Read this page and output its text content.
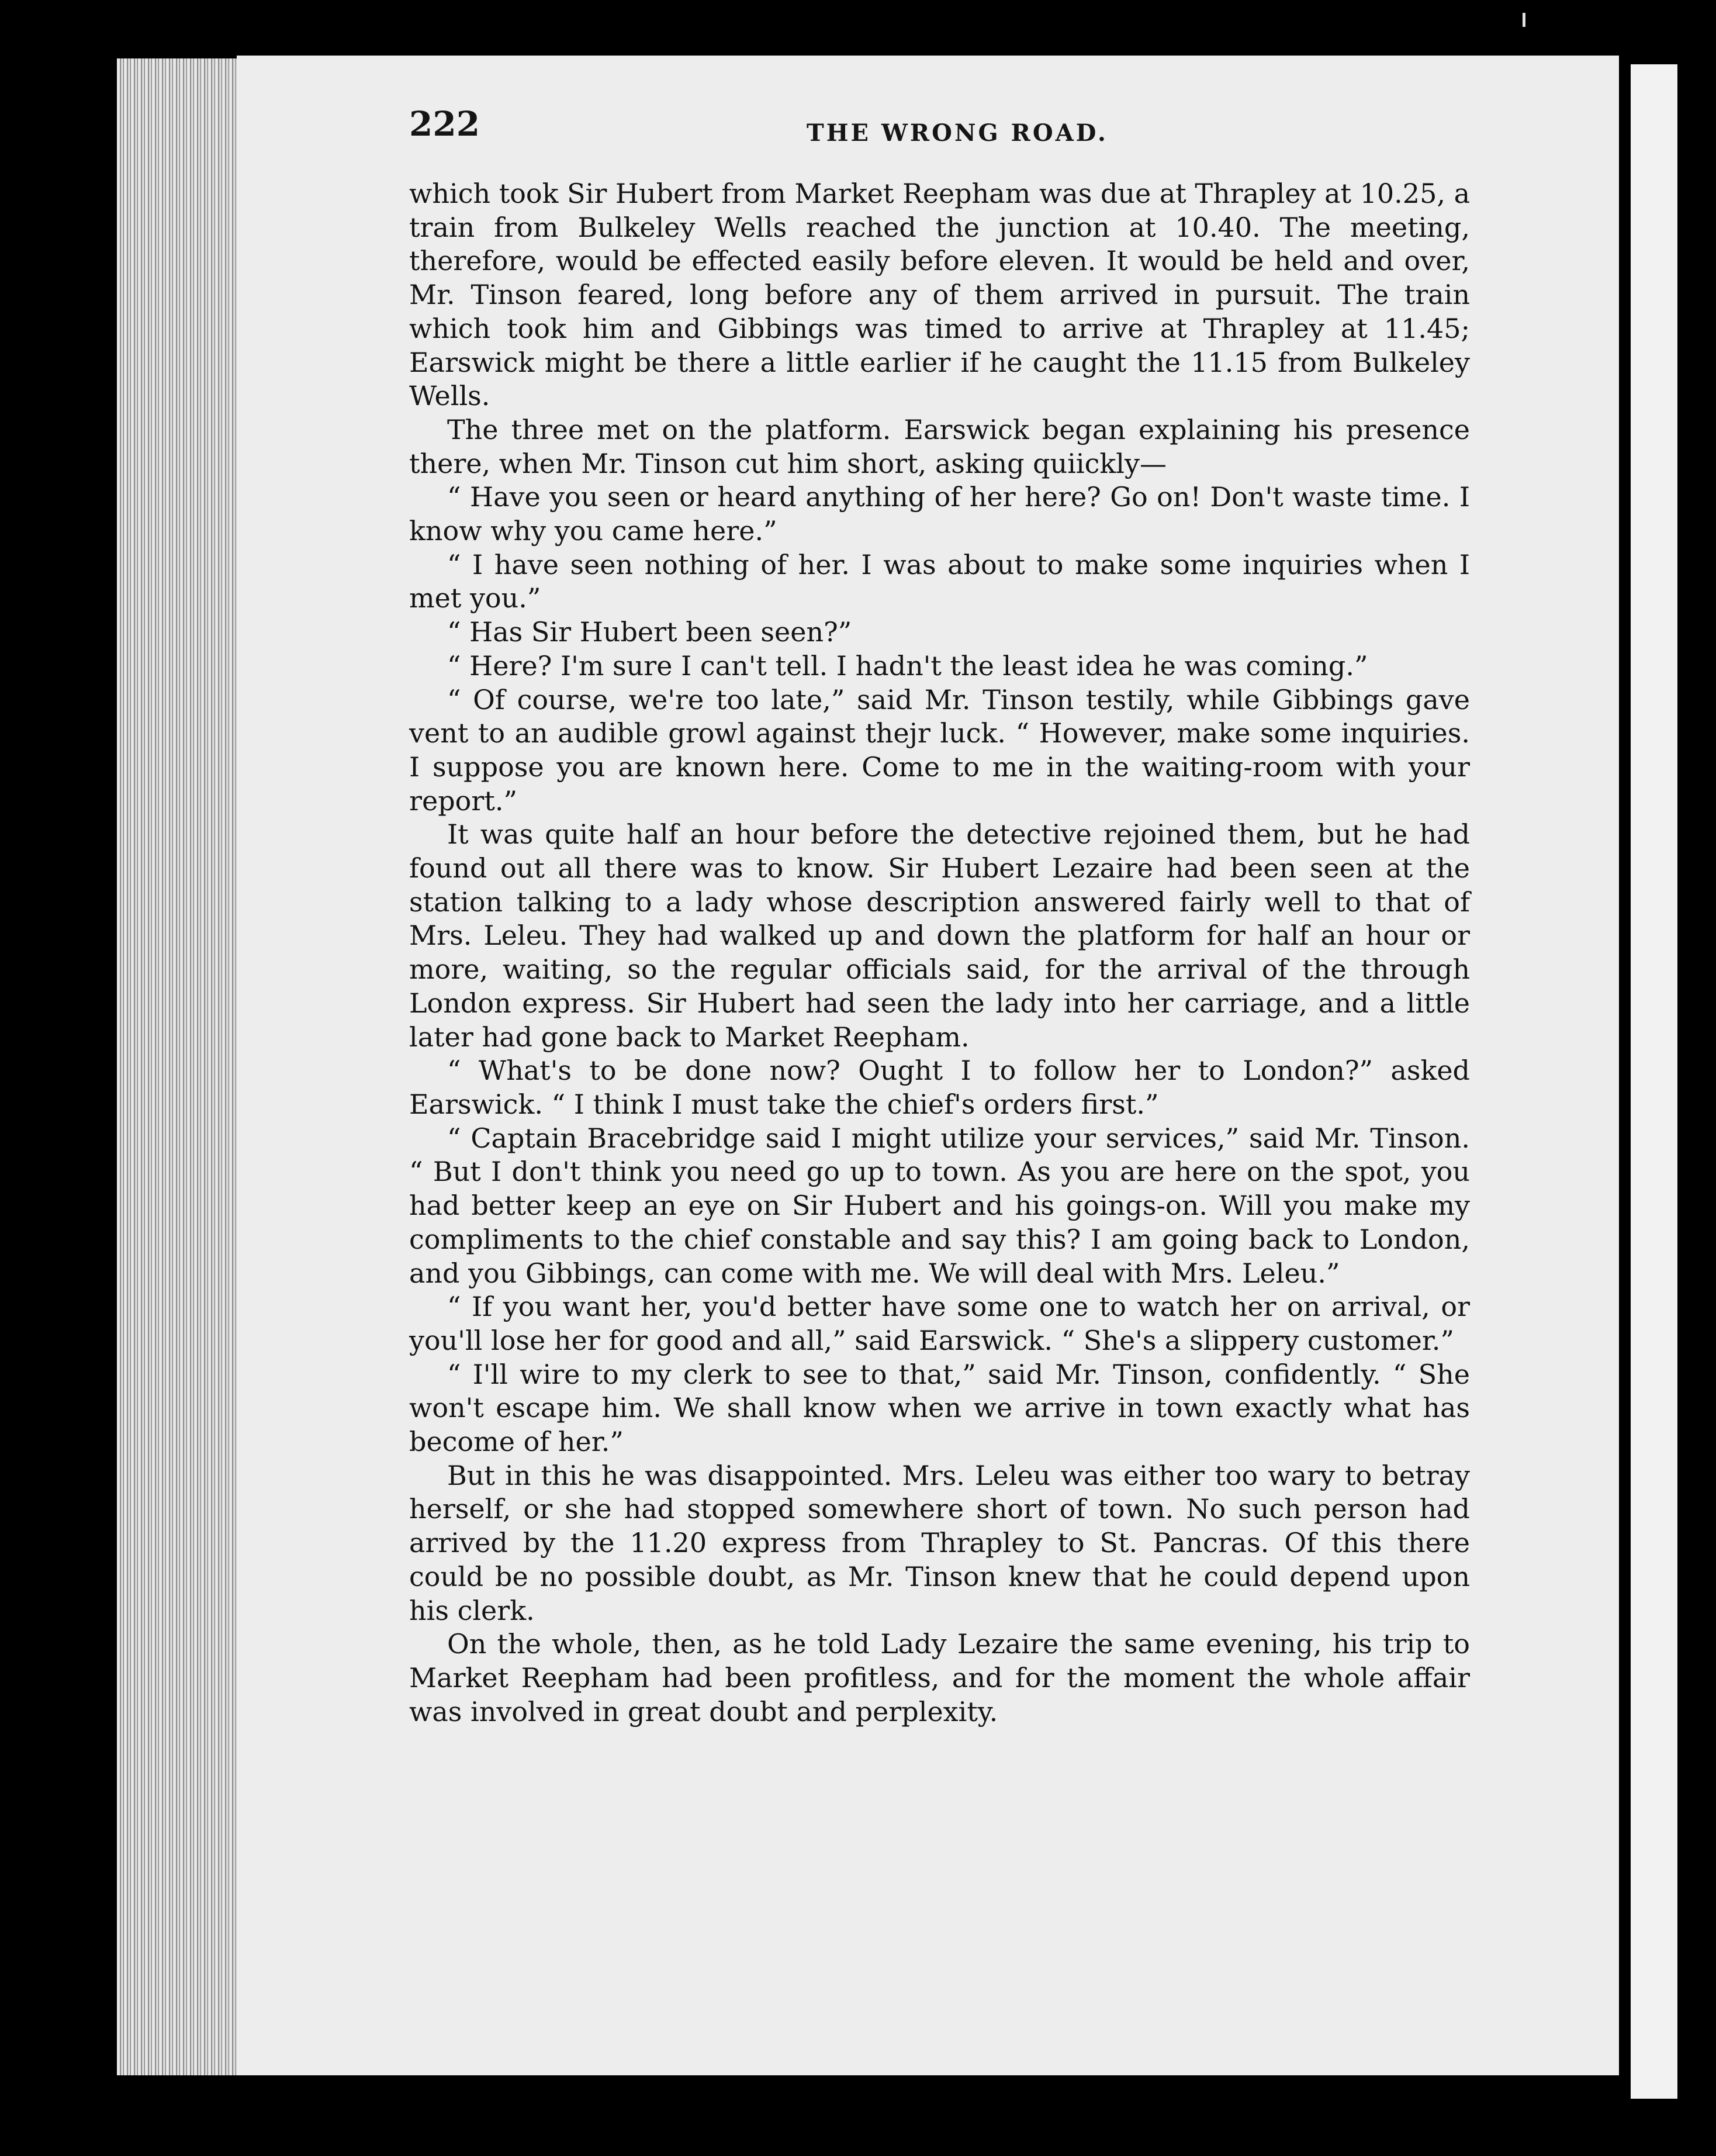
222	THE WRONG ROAD.

which took Sir Hubert from Market Reepham was due at Thrapley at 10.25, a train from Bulkeley Wells reached the junction at 10.40. The meeting, therefore, would be effected easily before eleven. It would be held and over, Mr. Tinson feared, long before any of them arrived in pursuit. The train which took him and Gibbings was timed to arrive at Thrapley at 11.45; Earswick might be there a little earlier if he caught the 11.15 from Bulkeley Wells.

The three met on the platform. Earswick began explaining his presence there, when Mr. Tinson cut him short, asking quiickly—

“ Have you seen or heard anything of her here? Go on! Don't waste time. I know why you came here.”

“ I have seen nothing of her. I was about to make some inquiries when I met you.”

“ Has Sir Hubert been seen?”

“ Here? I'm sure I can't tell. I hadn't the least idea he was coming.”

“ Of course, we're too late,” said Mr. Tinson testily, while Gibbings gave vent to an audible growl against thejr luck. “ However, make some inquiries. I suppose you are known here. Come to me in the waiting-room with your report.”

It was quite half an hour before the detective rejoined them, but he had found out all there was to know. Sir Hubert Lezaire had been seen at the station talking to a lady whose description answered fairly well to that of Mrs. Leleu. They had walked up and down the platform for half an hour or more, waiting, so the regular officials said, for the arrival of the through London express. Sir Hubert had seen the lady into her carriage, and a little later had gone back to Market Reepham.

“ What's to be done now? Ought I to follow her to London?” asked Earswick. “ I think I must take the chief's orders first.”

“ Captain Bracebridge said I might utilize your services,” said Mr. Tinson. “ But I don't think you need go up to town. As you are here on the spot, you had better keep an eye on Sir Hubert and his goings-on. Will you make my compliments to the chief constable and say this? I am going back to London, and you Gibbings, can come with me. We will deal with Mrs. Leleu.”

“ If you want her, you'd better have some one to watch her on arrival, or you'll lose her for good and all,” said Earswick. “ She's a slippery customer.”

“ I'll wire to my clerk to see to that,” said Mr. Tinson, confidently. “ She won't escape him. We shall know when we arrive in town exactly what has become of her.”

But in this he was disappointed. Mrs. Leleu was either too wary to betray herself, or she had stopped somewhere short of town. No such person had arrived by the 11.20 express from Thrapley to St. Pancras. Of this there could be no possible doubt, as Mr. Tinson knew that he could depend upon his clerk.

On the whole, then, as he told Lady Lezaire the same evening, his trip to Market Reepham had been profitless, and for the moment the whole affair was involved in great doubt and perplexity.
